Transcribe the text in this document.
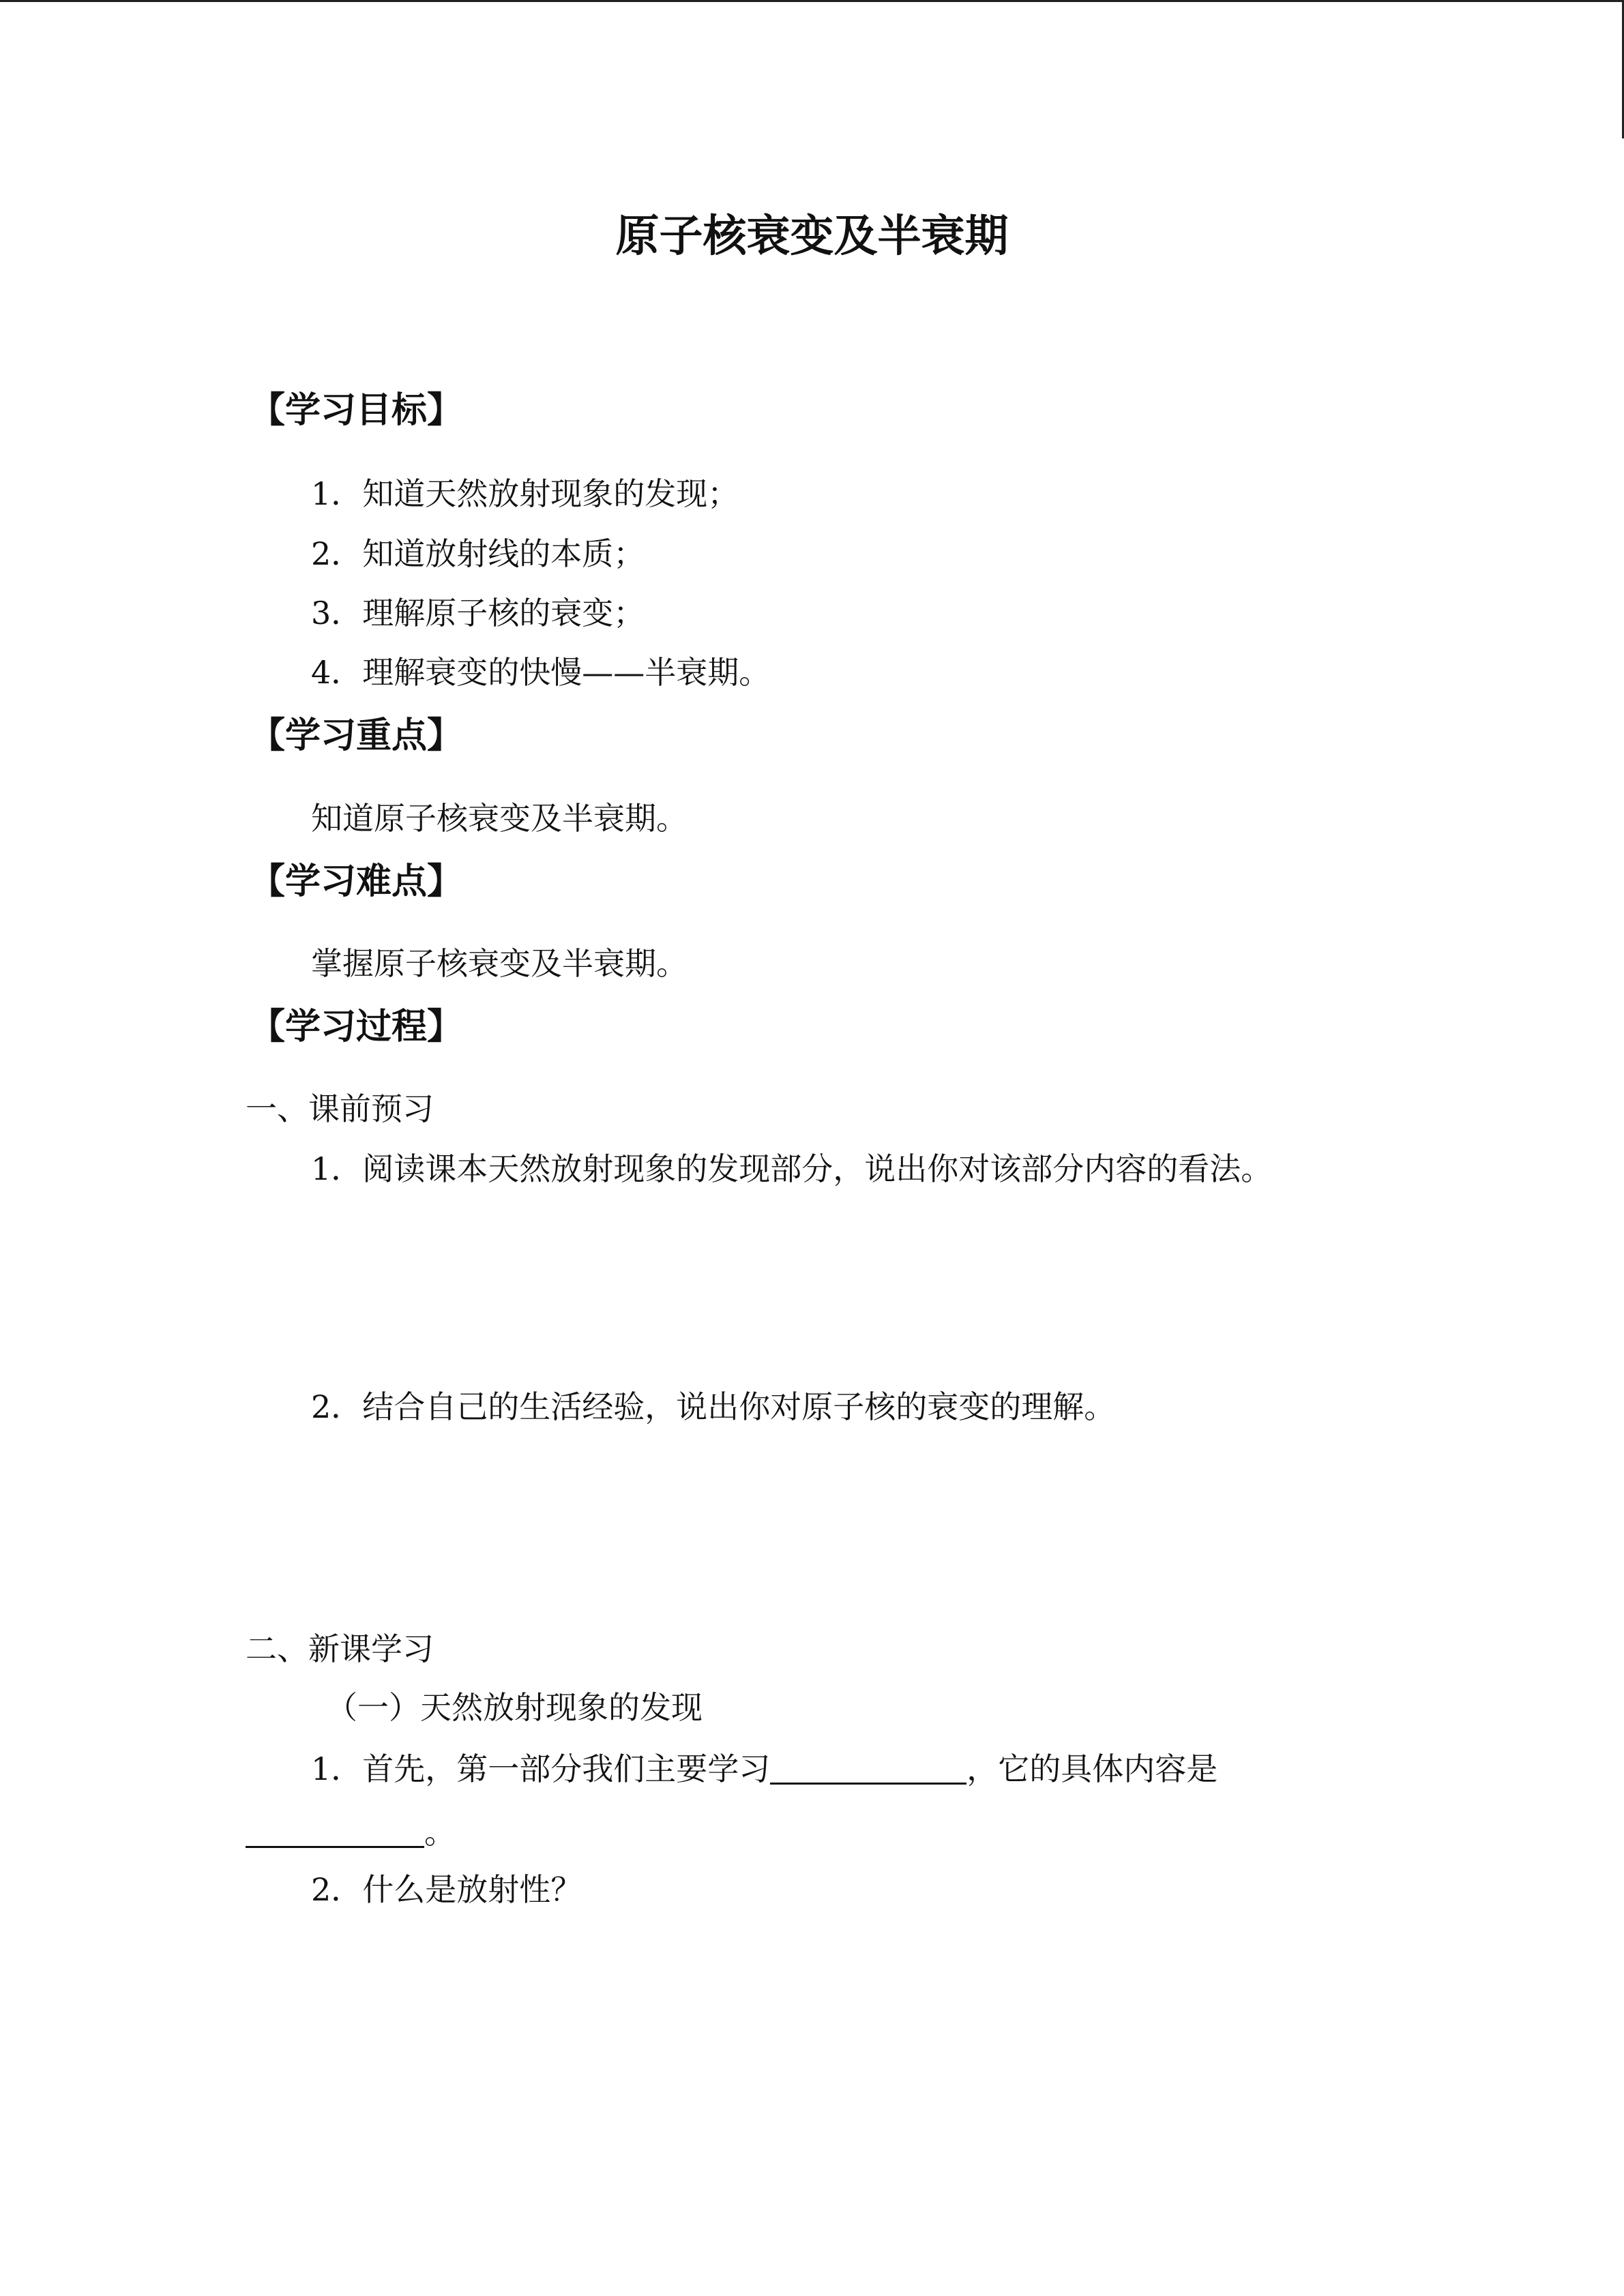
原子核衰变及半衰期
【学习目标】
1．知道天然放射现象的发现；
2．知道放射线的本质；
3．理解原子核的衰变；
4．理解衰变的快慢——半衰期。
【学习重点】
知道原子核衰变及半衰期。
【学习难点】
掌握原子核衰变及半衰期。
【学习过程】
一、课前预习
1．阅读课本天然放射现象的发现部分，说出你对该部分内容的看法。
2．结合自己的生活经验，说出你对原子核的衰变的理解。
二、新课学习
（一）天然放射现象的发现
1．首先，第一部分我们主要学习	，它的具体内容是
。
2．什么是放射性？
